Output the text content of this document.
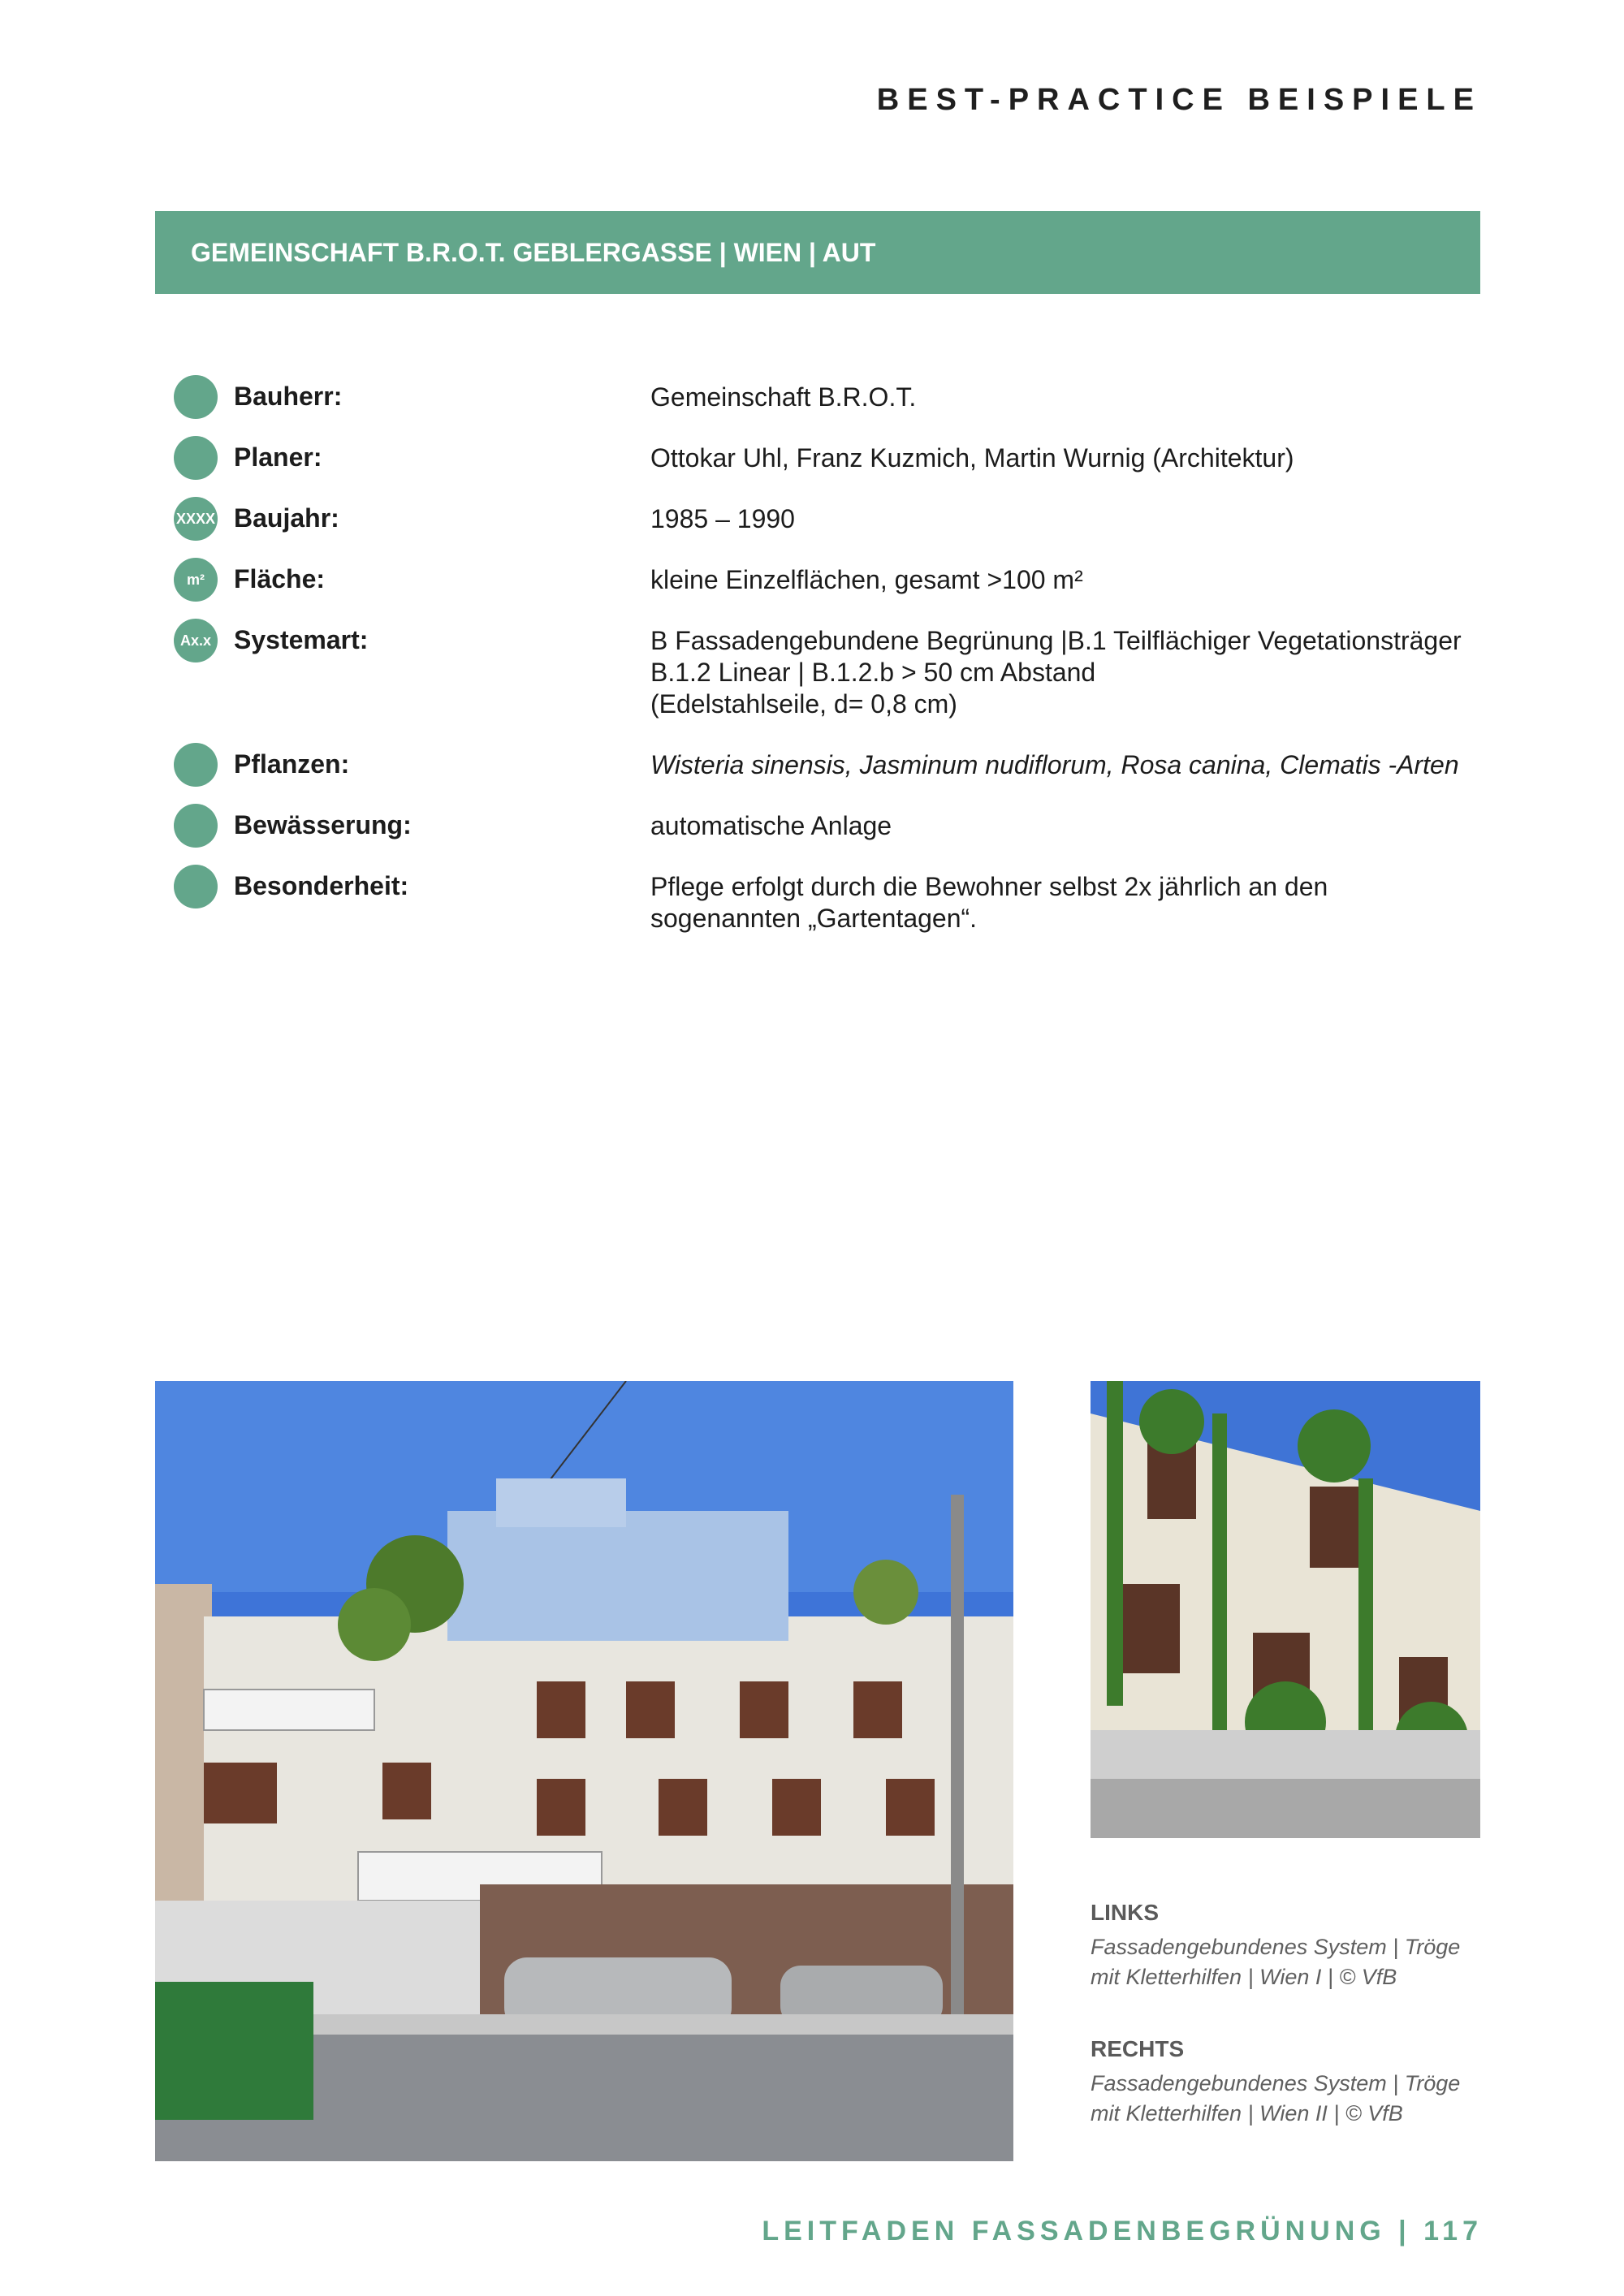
BEST-PRACTICE BEISPIELE
GEMEINSCHAFT B.R.O.T. GEBLERGASSE | WIEN | AUT
Bauherr:	Gemeinschaft B.R.O.T.
Planer:	Ottokar Uhl, Franz Kuzmich, Martin Wurnig (Architektur)
XXXX Baujahr:	1985 – 1990
m²	Fläche:	kleine Einzelflächen, gesamt >100 m²
Ax.x Systemart:	B Fassadengebundene Begrünung |B.1 Teilflächiger Vegetationsträger
B.1.2 Linear | B.1.2.b > 50 cm Abstand
(Edelstahlseile, d= 0,8 cm)
Pflanzen:	Wisteria sinensis, Jasminum nudiflorum, Rosa canina, Clematis -Arten
Bewässerung:	automatische Anlage
Besonderheit:	Pflege erfolgt durch die Bewohner selbst 2x jährlich an den
sogenannten „Gartentagen“.
LINKS
Fassadengebundenes System | Tröge
mit Kletterhilfen | Wien I | © VfB
RECHTS
Fassadengebundenes System | Tröge
mit Kletterhilfen | Wien II | © VfB
LEITFADEN FASSADENBEGRÜNUNG | 117
